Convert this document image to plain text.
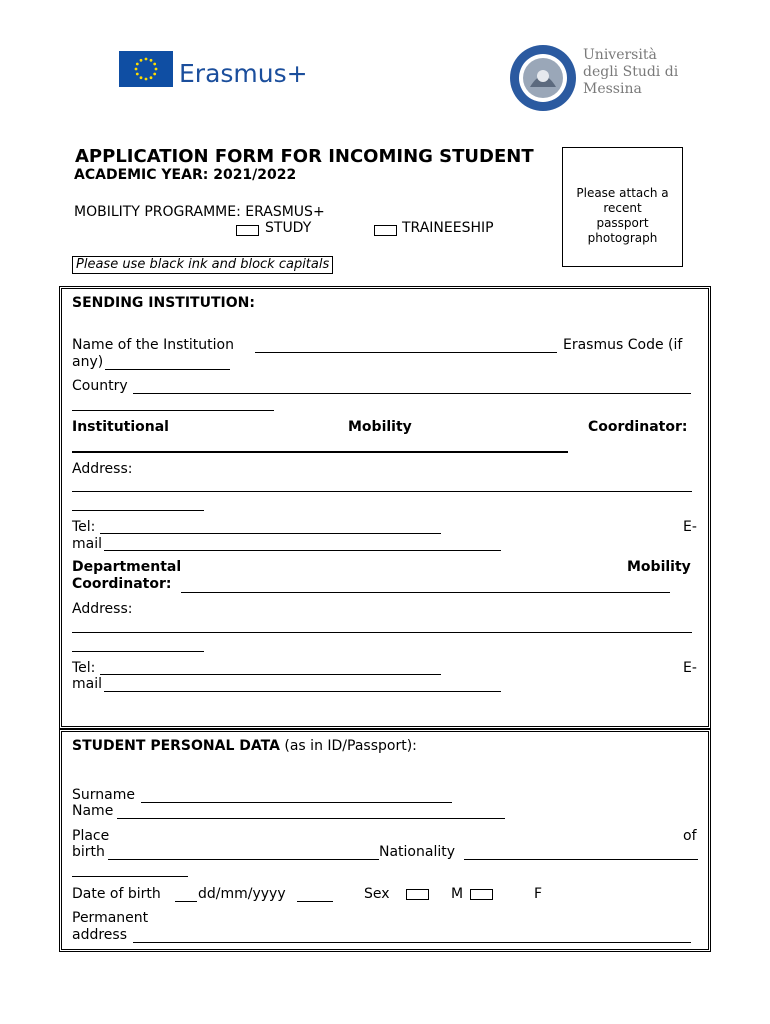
Erasmus+
Università
degli Studi di
Messina
APPLICATION FORM FOR INCOMING STUDENT
ACADEMIC YEAR: 2021/2022
MOBILITY PROGRAMME: ERASMUS+
STUDY	TRAINEESHIP
Please attach a
recent
passport
photograph
Please use black ink and block capitals
SENDING INSTITUTION:
Name of the Institution	Erasmus Code (if
any)
Country
Institutional	Mobility	Coordinator:
Address:
Tel:	E-
mail
Departmental	Mobility
Coordinator:
Address:
Tel:	E-
mail
STUDENT PERSONAL DATA (as in ID/Passport):
Surname
Name
Place	of
birth	Nationality
Date of birth	dd/mm/yyyy	Sex	M	F
Permanent
address
